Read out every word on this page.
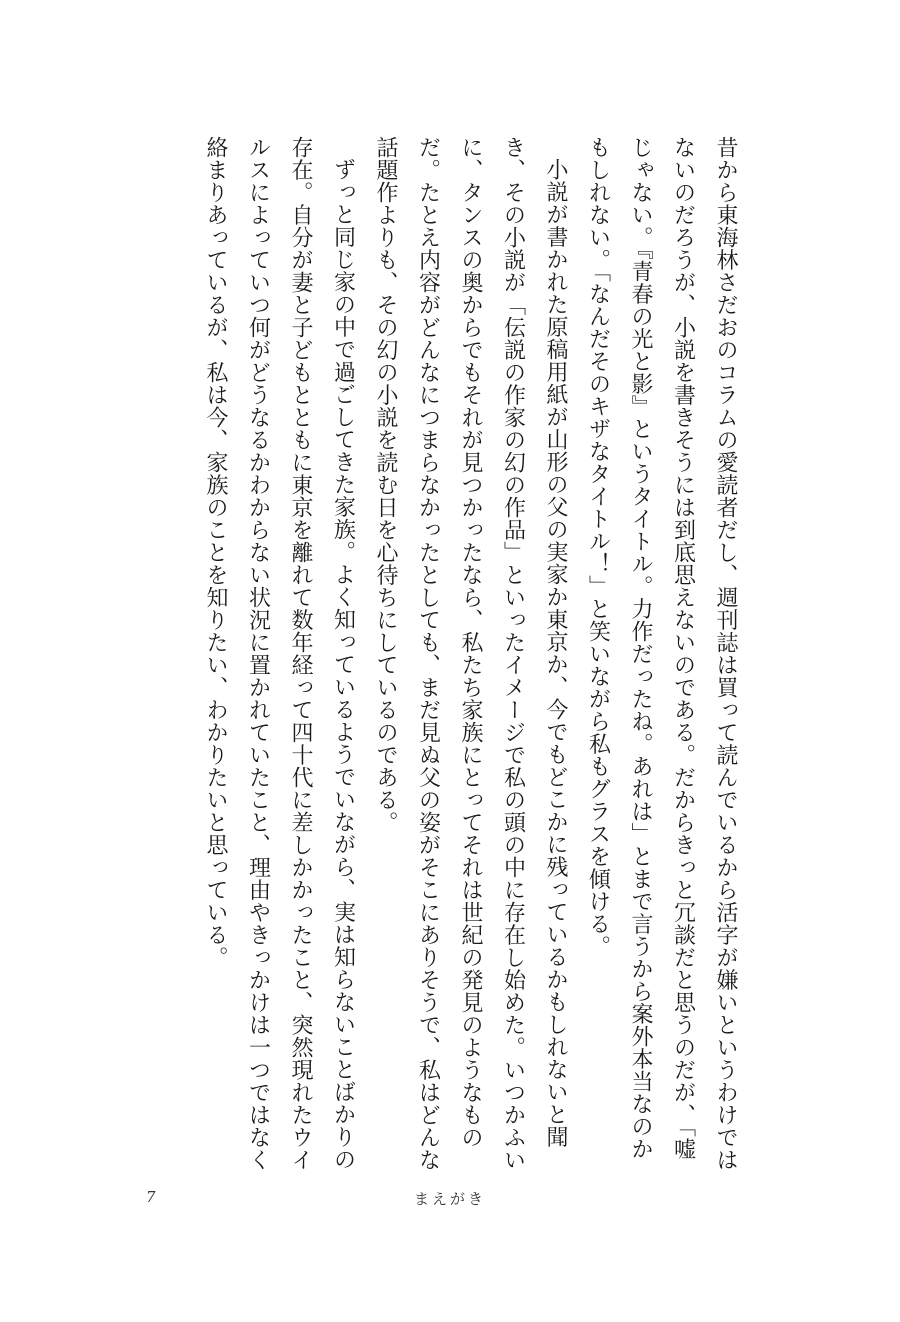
昔から東海林さだおのコラムの愛読者だし、週刊誌は買って読んでいるから活字が嫌いというわけではないのだろうが、小説を書きそうには到底思えないのである。だからきっと冗談だと思うのだが、「嘘じゃない。『青春の光と影』というタイトル。力作だったね。あれは」とまで言うから案外本当なのかもしれない。「なんだそのキザなタイトル！」と笑いながら私もグラスを傾ける。

小説が書かれた原稿用紙が山形の父の実家か東京か、今でもどこかに残っているかもしれないと聞き、その小説が「伝説の作家の幻の作品」といったイメージで私の頭の中に存在し始めた。いつかふいに、タンスの奥からでもそれが見つかったなら、私たち家族にとってそれは世紀の発見のようなものだ。たとえ内容がどんなにつまらなかったとしても、まだ見ぬ父の姿がそこにありそうで、私はどんな話題作よりも、その幻の小説を読む日を心待ちにしているのである。

ずっと同じ家の中で過ごしてきた家族。よく知っているようでいながら、実は知らないことばかりの存在。自分が妻と子どもとともに東京を離れて数年経って四十代に差しかかったこと、突然現れたウイルスによっていつ何がどうなるかわからない状況に置かれていたこと、理由やきっかけは一つではなく絡まりあっているが、私は今、家族のことを知りたい、わかりたいと思っている。

7	まえがき
